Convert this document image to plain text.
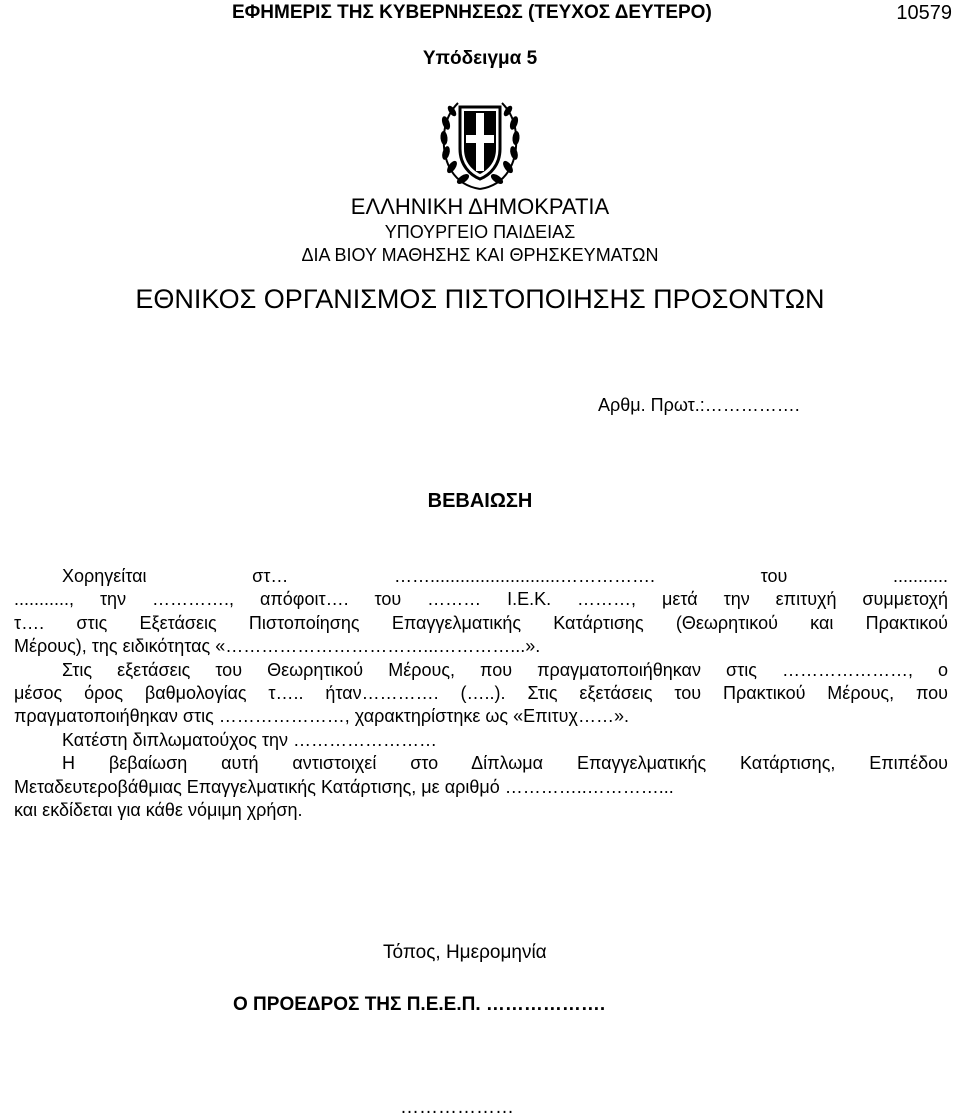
ΕΦΗΜΕΡΙΣ ΤΗΣ ΚΥΒΕΡΝΗΣΕΩΣ (ΤΕΥΧΟΣ ΔΕΥΤΕΡΟ)	10579
Υπόδειγμα 5
ΕΛΛΗΝΙΚΗ ΔΗΜΟΚΡΑΤΙΑ
ΥΠΟΥΡΓΕΙΟ ΠΑΙΔΕΙΑΣ
ΔΙΑ ΒΙΟΥ ΜΑΘΗΣΗΣ ΚΑΙ ΘΡΗΣΚΕΥΜΑΤΩΝ
ΕΘΝΙΚΟΣ ΟΡΓΑΝΙΣΜΟΣ ΠΙΣΤΟΠΟΙΗΣΗΣ ΠΡΟΣΟΝΤΩΝ
Αρθμ. Πρωτ.:…………….
ΒΕΒΑΙΩΣΗ
Χορηγείται στ… ……..........................……………. του ...........
..........., την …………., απόφοιτ…. του ……… Ι.Ε.Κ. ………, μετά την επιτυχή συμμετοχή
τ…. στις Εξετάσεις Πιστοποίησης Επαγγελματικής Κατάρτισης (Θεωρητικού και Πρακτικού
Μέρους), της ειδικότητας «……………………………...…………...».
Στις εξετάσεις του Θεωρητικού Μέρους, που πραγματοποιήθηκαν στις …………………, ο
μέσος όρος βαθμολογίας τ….. ήταν…………. (…..). Στις εξετάσεις του Πρακτικού Μέρους, που
πραγματοποιήθηκαν στις …………………, χαρακτηρίστηκε ως «Επιτυχ……».
Κατέστη διπλωματούχος την ……………………
Η βεβαίωση αυτή αντιστοιχεί στο Δίπλωμα Επαγγελματικής Κατάρτισης, Επιπέδου
Μεταδευτεροβάθμιας Επαγγελματικής Κατάρτισης, με αριθμό …………..…………...
και εκδίδεται για κάθε νόμιμη χρήση.
Τόπος, Ημερομηνία
Ο ΠΡΟΕΔΡΟΣ ΤΗΣ Π.Ε.Ε.Π. ……………….
………………
